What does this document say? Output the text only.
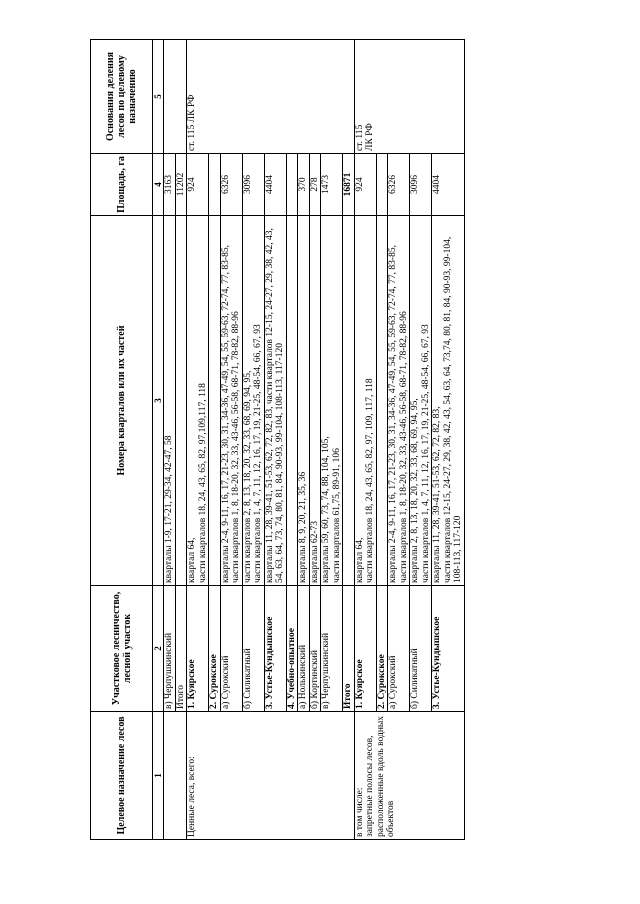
Целевое назначение лесов	Участковое лесничество, лесной участок	Номера кварталов или их частей	Площадь, га	Основания деления лесов по целевому назначению
1	2	3	4	5
	в) Черпушкинский	кварталы 1-9, 17-21, 29-34, 42-47, 58	3163	
	Итого		11202	
Ценные леса, всего:	1. Куярское	квартал 64,
части кварталов 18, 24, 43, 65, 82, 97,109,117, 118	924	ст. 115 ЛК РФ
	2. Сурокское			
	а) Сурокский	кварталы 2-4, 9-11, 16, 17, 21-23, 30, 31, 34-36, 47-49, 54, 55, 59-63, 72-74, 77, 83-85,
части кварталов 1, 8, 18-20, 32, 33, 43-46, 56-58, 68-71, 78-82, 88-96	6326	
	б) Силикатный	части кварталов 2, 8, 13, 18, 20, 32, 33, 68, 69, 94, 95,
части кварталов 1, 4, 7, 11, 12, 16, 17, 19, 21-25, 48-54, 66, 67, 93	3096	
	3. Устье-Кундышское	кварталы 11, 28, 39-41, 51-53, 62, 72, 82, 83, части кварталов 12-15, 24-27, 29, 38, 42, 43, 54, 63, 64, 73, 74, 80, 81, 84, 90-93, 99-104, 108-113, 117-120	4404	
	4. Учебно-опытное			
	а) Нолькинский	кварталы 8, 9, 20, 21, 35, 36	370	
	б) Кортинский	кварталы 62-73	278	
	в) Черпушкинский	кварталы 59, 60, 73, 74, 88, 104, 105,
части кварталов 61,75, 89-91, 106	1473	
	Итого		16871	
в том числе:
запретные полосы лесов, расположенные вдоль водных объектов	1. Куярское	квартал 64,
части кварталов 18, 24, 43, 65, 82, 97, 109, 117, 118	924	ст. 115
ЛК РФ
	2. Сурокское			
	а) Сурокский	кварталы 2-4, 9-11, 16, 17, 21-23, 30, 31, 34-36, 47-49, 54, 55, 59-63, 72-74, 77, 83-85,
части кварталов 1, 8, 18-20, 32, 33, 43-46, 56-58, 68-71, 78-82, 88-96	6326	
	б) Силикатный	кварталы 2, 8, 13, 18, 20, 32, 33, 68, 69, 94, 95,
части кварталов 1, 4, 7, 11, 12, 16, 17, 19, 21-25, 48-54, 66, 67, 93	3096	
	3. Устье-Кундышское	кварталы 11, 28, 39-41, 51-53, 62, 72, 82, 83,
части кварталов 12-15, 24-27, 29, 38, 42, 43, 54, 63, 64, 73,74, 80, 81, 84, 90-93, 99-104, 108-113, 117-120	4404	
